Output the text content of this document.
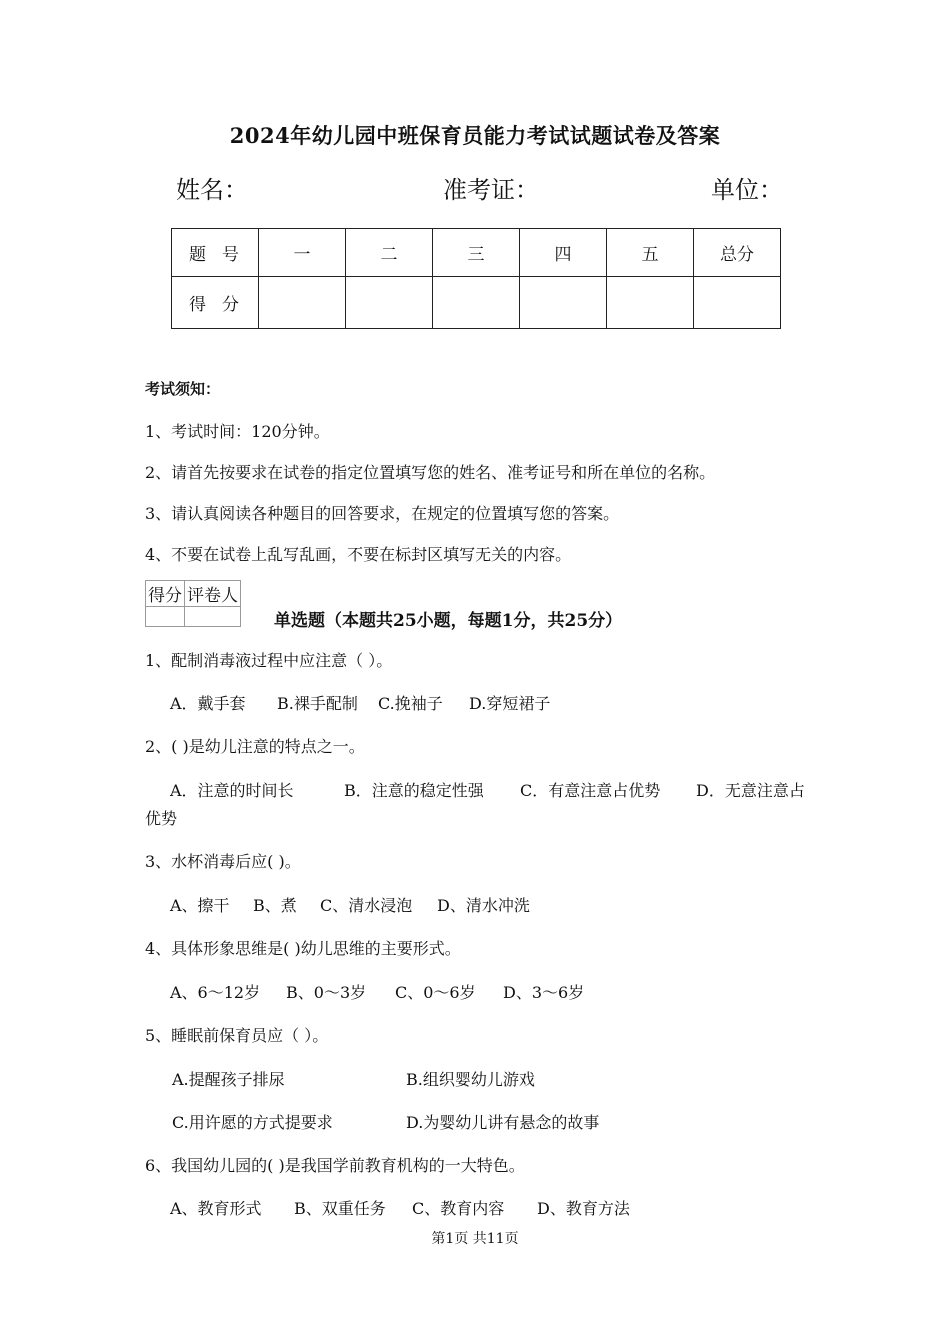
2024年幼儿园中班保育员能力考试试题试卷及答案
姓名：	准考证：	单位：
题号	一	二	三	四	五	总分
得分						
考试须知：
1、考试时间：120分钟。
2、请首先按要求在试卷的指定位置填写您的姓名、准考证号和所在单位的名称。
3、请认真阅读各种题目的回答要求，在规定的位置填写您的答案。
4、不要在试卷上乱写乱画，不要在标封区填写无关的内容。
得分	评卷人

单选题（本题共25小题，每题1分，共25分）
1、配制消毒液过程中应注意（ ）。
A．戴手套 B.裸手配制 C.挽袖子 D.穿短裙子
2、( )是幼儿注意的特点之一。
A．注意的时间长	B．注意的稳定性强 C．有意注意占优势 D．无意注意占
优势
3、水杯消毒后应( )。
A、擦干 B、煮 C、清水浸泡 D、清水冲洗
4、具体形象思维是( )幼儿思维的主要形式。
A、6～12岁 B、0～3岁 C、0～6岁 D、3～6岁
5、睡眠前保育员应（ ）。
A.提醒孩子排尿	B.组织婴幼儿游戏
C.用许愿的方式提要求	D.为婴幼儿讲有悬念的故事
6、我国幼儿园的( )是我国学前教育机构的一大特色。
A、教育形式 B、双重任务 C、教育内容 D、教育方法
第1页 共11页
